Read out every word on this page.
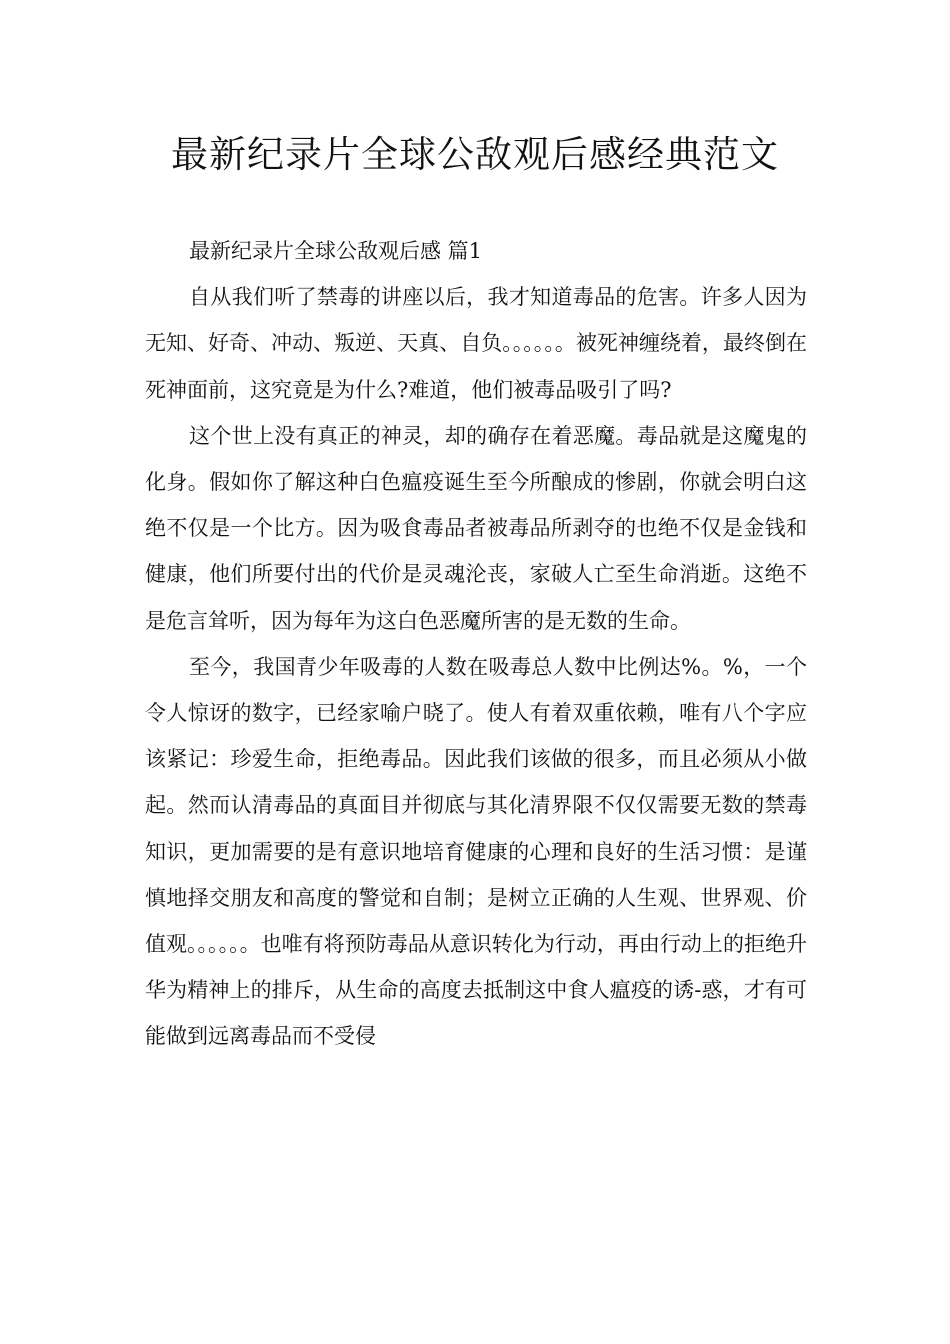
最新纪录片全球公敌观后感经典范文

最新纪录片全球公敌观后感 篇1

自从我们听了禁毒的讲座以后，我才知道毒品的危害。许多人因为无知、好奇、冲动、叛逆、天真、自负。。。。。。被死神缠绕着，最终倒在死神面前，这究竟是为什么?难道，他们被毒品吸引了吗?

这个世上没有真正的神灵，却的确存在着恶魔。毒品就是这魔鬼的化身。假如你了解这种白色瘟疫诞生至今所酿成的惨剧，你就会明白这绝不仅是一个比方。因为吸食毒品者被毒品所剥夺的也绝不仅是金钱和健康，他们所要付出的代价是灵魂沦丧，家破人亡至生命消逝。这绝不是危言耸听，因为每年为这白色恶魔所害的是无数的生命。

至今，我国青少年吸毒的人数在吸毒总人数中比例达%。%，一个令人惊讶的数字，已经家喻户晓了。使人有着双重依赖，唯有八个字应该紧记：珍爱生命，拒绝毒品。因此我们该做的很多，而且必须从小做起。然而认清毒品的真面目并彻底与其化清界限不仅仅需要无数的禁毒知识，更加需要的是有意识地培育健康的心理和良好的生活习惯：是谨慎地择交朋友和高度的警觉和自制；是树立正确的人生观、世界观、价值观。。。。。。也唯有将预防毒品从意识转化为行动，再由行动上的拒绝升华为精神上的排斥，从生命的高度去抵制这中食人瘟疫的诱-惑，才有可能做到远离毒品而不受侵
